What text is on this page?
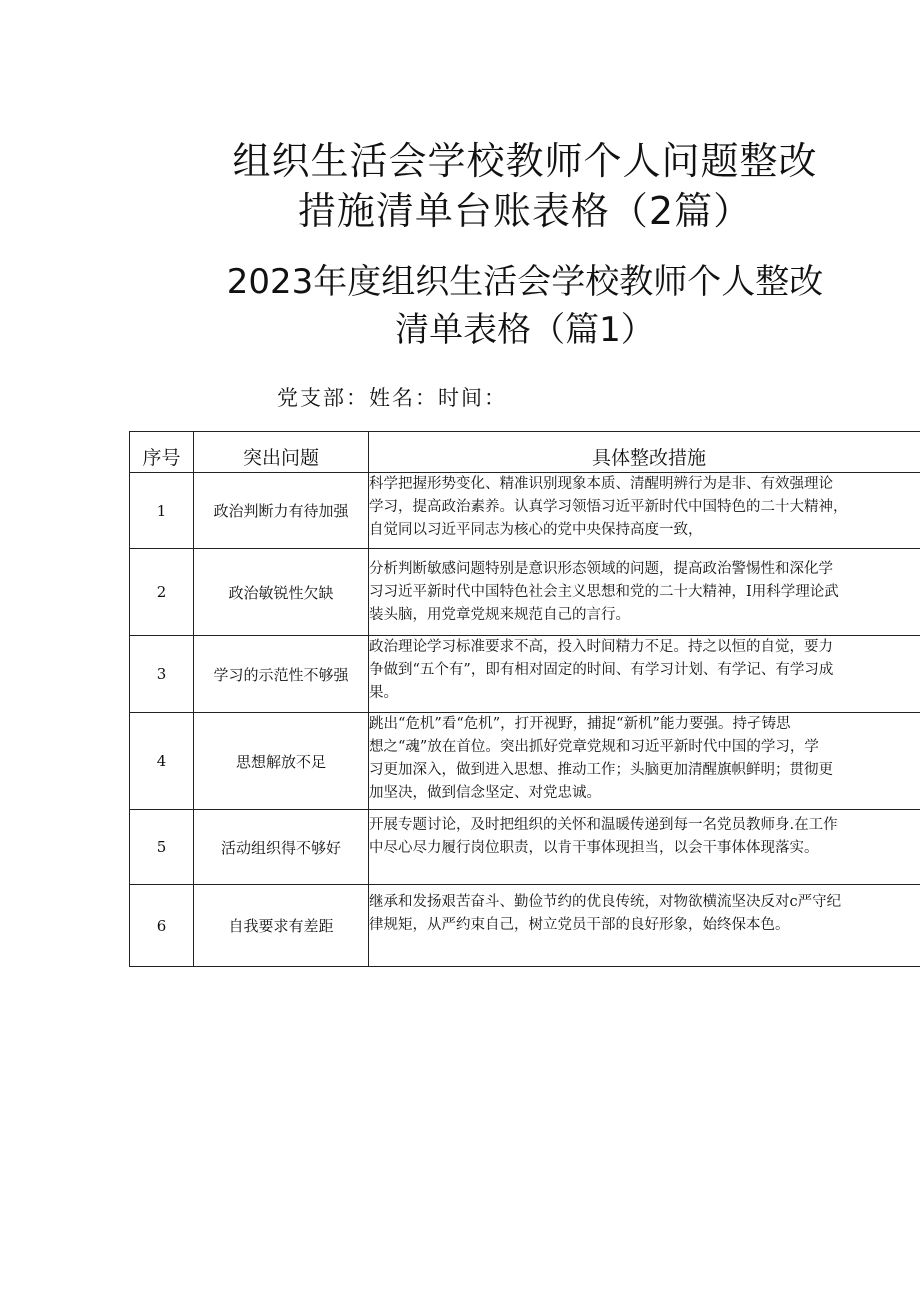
组织生活会学校教师个人问题整改
措施清单台账表格（2篇）
2023年度组织生活会学校教师个人整改
清单表格（篇1）
党支部：姓名：时间：
序号	突出问题	具体整改措施
1	政治判断力有待加强	科学把握形势变化、精准识别现象本质、清醒明辨行为是非、有效强理论
学习，提高政治素养。认真学习领悟习近平新时代中国特色的二十大精神，
自觉同以习近平同志为核心的党中央保持高度一致，

2	政治敏锐性欠缺	分析判断敏感问题特别是意识形态领域的问题，提高政治警惕性和深化学
习习近平新时代中国特色社会主义思想和党的二十大精神，I用科学理论武
装头脑，用党章党规来规范自己的言行。

3	学习的示范性不够强	政治理论学习标准要求不高，投入时间精力不足。持之以恒的自觉，要力
争做到“五个有”，即有相对固定的时间、有学习计划、有学记、有学习成
果。

4	思想解放不足	跳出“危机”看“危机”，打开视野，捕捉“新机”能力要强。持孑铸思
想之“魂”放在首位。突出抓好党章党规和习近平新时代中国的学习，学
习更加深入，做到进入思想、推动工作；头脑更加清醒旗帜鲜明；贯彻更
加坚决，做到信念坚定、对党忠诚。

5	活动组织得不够好	开展专题讨论，及时把组织的关怀和温暖传递到每一名党员教师身.在工作
中尽心尽力履行岗位职责，以肯干事体现担当，以会干事体体现落实。

6	自我要求有差距	继承和发扬艰苦奋斗、勤俭节约的优良传统，对物欲横流坚决反对c严守纪
律规矩，从严约束自己，树立党员干部的良好形象，始终保本色。
